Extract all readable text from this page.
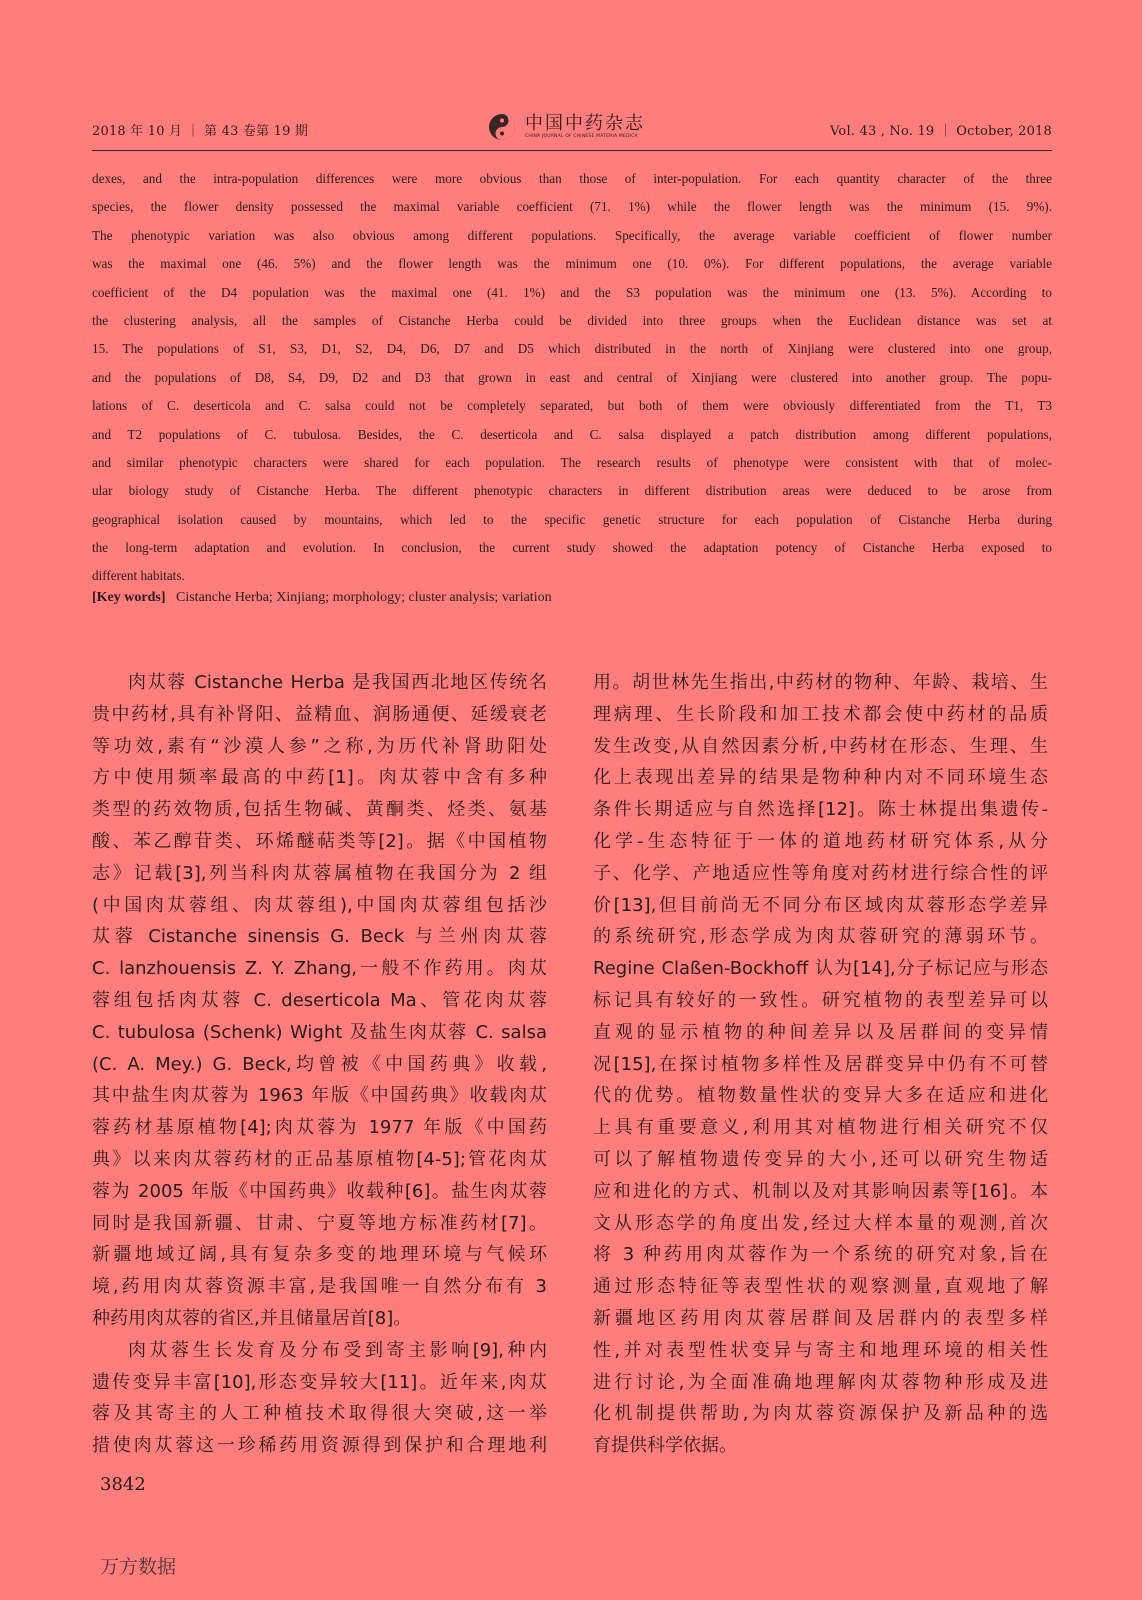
2018 年 10 月 ｜ 第 43 卷第 19 期	中国中药杂志
CHINA JOURNAL OF CHINESE MATERIA MEDICA	Vol. 43 , No. 19 ｜ October, 2018
dexes, and the intra-population differences were more obvious than those of inter-population. For each quantity character of the three
species, the flower density possessed the maximal variable coefficient (71. 1%) while the flower length was the minimum (15. 9%).
The phenotypic variation was also obvious among different populations. Specifically, the average variable coefficient of flower number
was the maximal one (46. 5%) and the flower length was the minimum one (10. 0%). For different populations, the average variable
coefficient of the D4 population was the maximal one (41. 1%) and the S3 population was the minimum one (13. 5%). According to
the clustering analysis, all the samples of Cistanche Herba could be divided into three groups when the Euclidean distance was set at
15. The populations of S1, S3, D1, S2, D4, D6, D7 and D5 which distributed in the north of Xinjiang were clustered into one group,
and the populations of D8, S4, D9, D2 and D3 that grown in east and central of Xinjiang were clustered into another group. The popu-
lations of C. deserticola and C. salsa could not be completely separated, but both of them were obviously differentiated from the T1, T3
and T2 populations of C. tubulosa. Besides, the C. deserticola and C. salsa displayed a patch distribution among different populations,
and similar phenotypic characters were shared for each population. The research results of phenotype were consistent with that of molec-
ular biology study of Cistanche Herba. The different phenotypic characters in different distribution areas were deduced to be arose from
geographical isolation caused by mountains, which led to the specific genetic structure for each population of Cistanche Herba during
the long-term adaptation and evolution. In conclusion, the current study showed the adaptation potency of Cistanche Herba exposed to
different habitats.
[Key words] Cistanche Herba; Xinjiang; morphology; cluster analysis; variation
肉苁蓉 Cistanche Herba 是我国西北地区传统名
贵中药材,具有补肾阳、益精血、润肠通便、延缓衰老
等功效,素有“沙漠人参”之称,为历代补肾助阳处
方中使用频率最高的中药[1]。肉苁蓉中含有多种
类型的药效物质,包括生物碱、黄酮类、烃类、氨基
酸、苯乙醇苷类、环烯醚萜类等[2]。据《中国植物
志》记载[3],列当科肉苁蓉属植物在我国分为 2 组
(中国肉苁蓉组、肉苁蓉组),中国肉苁蓉组包括沙
苁蓉 Cistanche sinensis G. Beck 与兰州肉苁蓉
C. lanzhouensis Z. Y. Zhang,一般不作药用。肉苁
蓉组包括肉苁蓉 C. deserticola Ma、管花肉苁蓉
C. tubulosa (Schenk) Wight 及盐生肉苁蓉 C. salsa
(C. A. Mey.) G. Beck,均曾被《中国药典》收载,
其中盐生肉苁蓉为 1963 年版《中国药典》收载肉苁
蓉药材基原植物[4];肉苁蓉为 1977 年版《中国药
典》以来肉苁蓉药材的正品基原植物[4-5];管花肉苁
蓉为 2005 年版《中国药典》收载种[6]。盐生肉苁蓉
同时是我国新疆、甘肃、宁夏等地方标准药材[7]。
新疆地域辽阔,具有复杂多变的地理环境与气候环
境,药用肉苁蓉资源丰富,是我国唯一自然分布有 3
种药用肉苁蓉的省区,并且储量居首[8]。
肉苁蓉生长发育及分布受到寄主影响[9],种内
遗传变异丰富[10],形态变异较大[11]。近年来,肉苁
蓉及其寄主的人工种植技术取得很大突破,这一举
措使肉苁蓉这一珍稀药用资源得到保护和合理地利
用。胡世林先生指出,中药材的物种、年龄、栽培、生
理病理、生长阶段和加工技术都会使中药材的品质
发生改变,从自然因素分析,中药材在形态、生理、生
化上表现出差异的结果是物种种内对不同环境生态
条件长期适应与自然选择[12]。陈士林提出集遗传-
化学-生态特征于一体的道地药材研究体系,从分
子、化学、产地适应性等角度对药材进行综合性的评
价[13],但目前尚无不同分布区域肉苁蓉形态学差异
的系统研究,形态学成为肉苁蓉研究的薄弱环节。
Regine Claßen-Bockhoff 认为[14],分子标记应与形态
标记具有较好的一致性。研究植物的表型差异可以
直观的显示植物的种间差异以及居群间的变异情
况[15],在探讨植物多样性及居群变异中仍有不可替
代的优势。植物数量性状的变异大多在适应和进化
上具有重要意义,利用其对植物进行相关研究不仅
可以了解植物遗传变异的大小,还可以研究生物适
应和进化的方式、机制以及对其影响因素等[16]。本
文从形态学的角度出发,经过大样本量的观测,首次
将 3 种药用肉苁蓉作为一个系统的研究对象,旨在
通过形态特征等表型性状的观察测量,直观地了解
新疆地区药用肉苁蓉居群间及居群内的表型多样
性,并对表型性状变异与寄主和地理环境的相关性
进行讨论,为全面准确地理解肉苁蓉物种形成及进
化机制提供帮助,为肉苁蓉资源保护及新品种的选
育提供科学依据。
3842
万方数据
